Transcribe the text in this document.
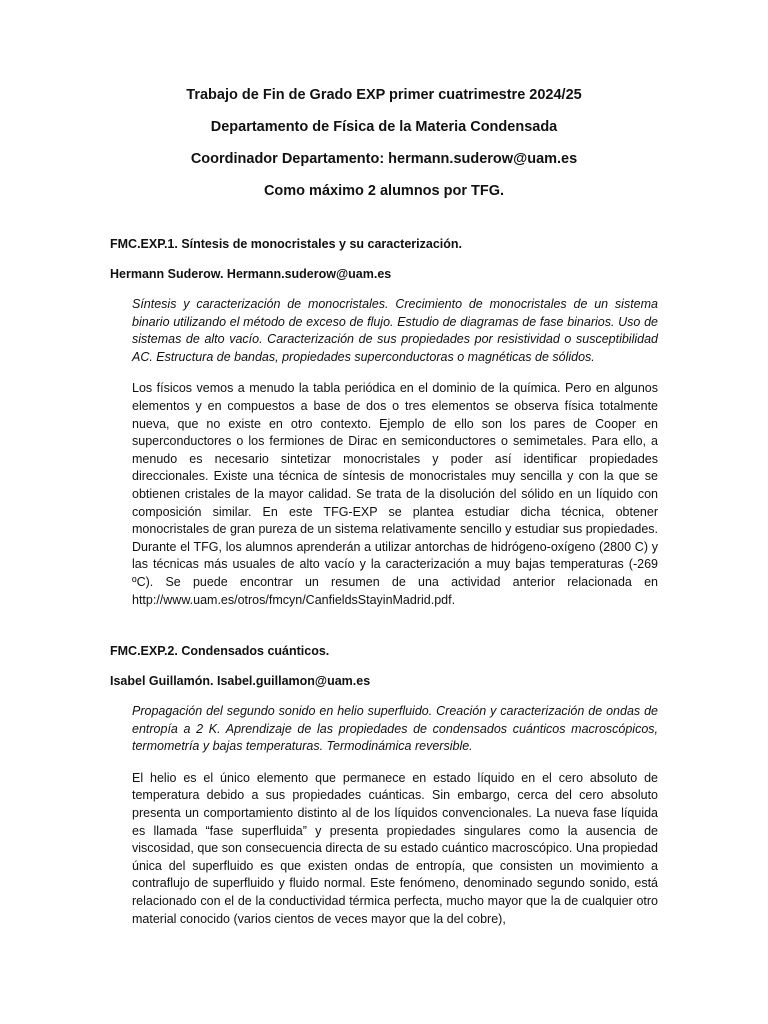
Trabajo de Fin de Grado EXP primer cuatrimestre 2024/25

Departamento de Física de la Materia Condensada

Coordinador Departamento: hermann.suderow@uam.es

Como máximo 2 alumnos por TFG.

FMC.EXP.1. Síntesis de monocristales y su caracterización.

Hermann Suderow. Hermann.suderow@uam.es

Síntesis y caracterización de monocristales. Crecimiento de monocristales de un sistema binario utilizando el método de exceso de flujo. Estudio de diagramas de fase binarios. Uso de sistemas de alto vacío. Caracterización de sus propiedades por resistividad o susceptibilidad AC. Estructura de bandas, propiedades superconductoras o magnéticas de sólidos.

Los físicos vemos a menudo la tabla periódica en el dominio de la química. Pero en algunos elementos y en compuestos a base de dos o tres elementos se observa física totalmente nueva, que no existe en otro contexto. Ejemplo de ello son los pares de Cooper en superconductores o los fermiones de Dirac en semiconductores o semimetales. Para ello, a menudo es necesario sintetizar monocristales y poder así identificar propiedades direccionales. Existe una técnica de síntesis de monocristales muy sencilla y con la que se obtienen cristales de la mayor calidad. Se trata de la disolución del sólido en un líquido con composición similar. En este TFG-EXP se plantea estudiar dicha técnica, obtener monocristales de gran pureza de un sistema relativamente sencillo y estudiar sus propiedades. Durante el TFG, los alumnos aprenderán a utilizar antorchas de hidrógeno-oxígeno (2800 C) y las técnicas más usuales de alto vacío y la caracterización a muy bajas temperaturas (-269 ºC). Se puede encontrar un resumen de una actividad anterior relacionada en http://www.uam.es/otros/fmcyn/CanfieldsStayinMadrid.pdf.

FMC.EXP.2. Condensados cuánticos.

Isabel Guillamón. Isabel.guillamon@uam.es

Propagación del segundo sonido en helio superfluido. Creación y caracterización de ondas de entropía a 2 K. Aprendizaje de las propiedades de condensados cuánticos macroscópicos, termometría y bajas temperaturas. Termodinámica reversible.

El helio es el único elemento que permanece en estado líquido en el cero absoluto de temperatura debido a sus propiedades cuánticas. Sin embargo, cerca del cero absoluto presenta un comportamiento distinto al de los líquidos convencionales. La nueva fase líquida es llamada “fase superfluida” y presenta propiedades singulares como la ausencia de viscosidad, que son consecuencia directa de su estado cuántico macroscópico. Una propiedad única del superfluido es que existen ondas de entropía, que consisten un movimiento a contraflujo de superfluido y fluido normal. Este fenómeno, denominado segundo sonido, está relacionado con el de la conductividad térmica perfecta, mucho mayor que la de cualquier otro material conocido (varios cientos de veces mayor que la del cobre),
